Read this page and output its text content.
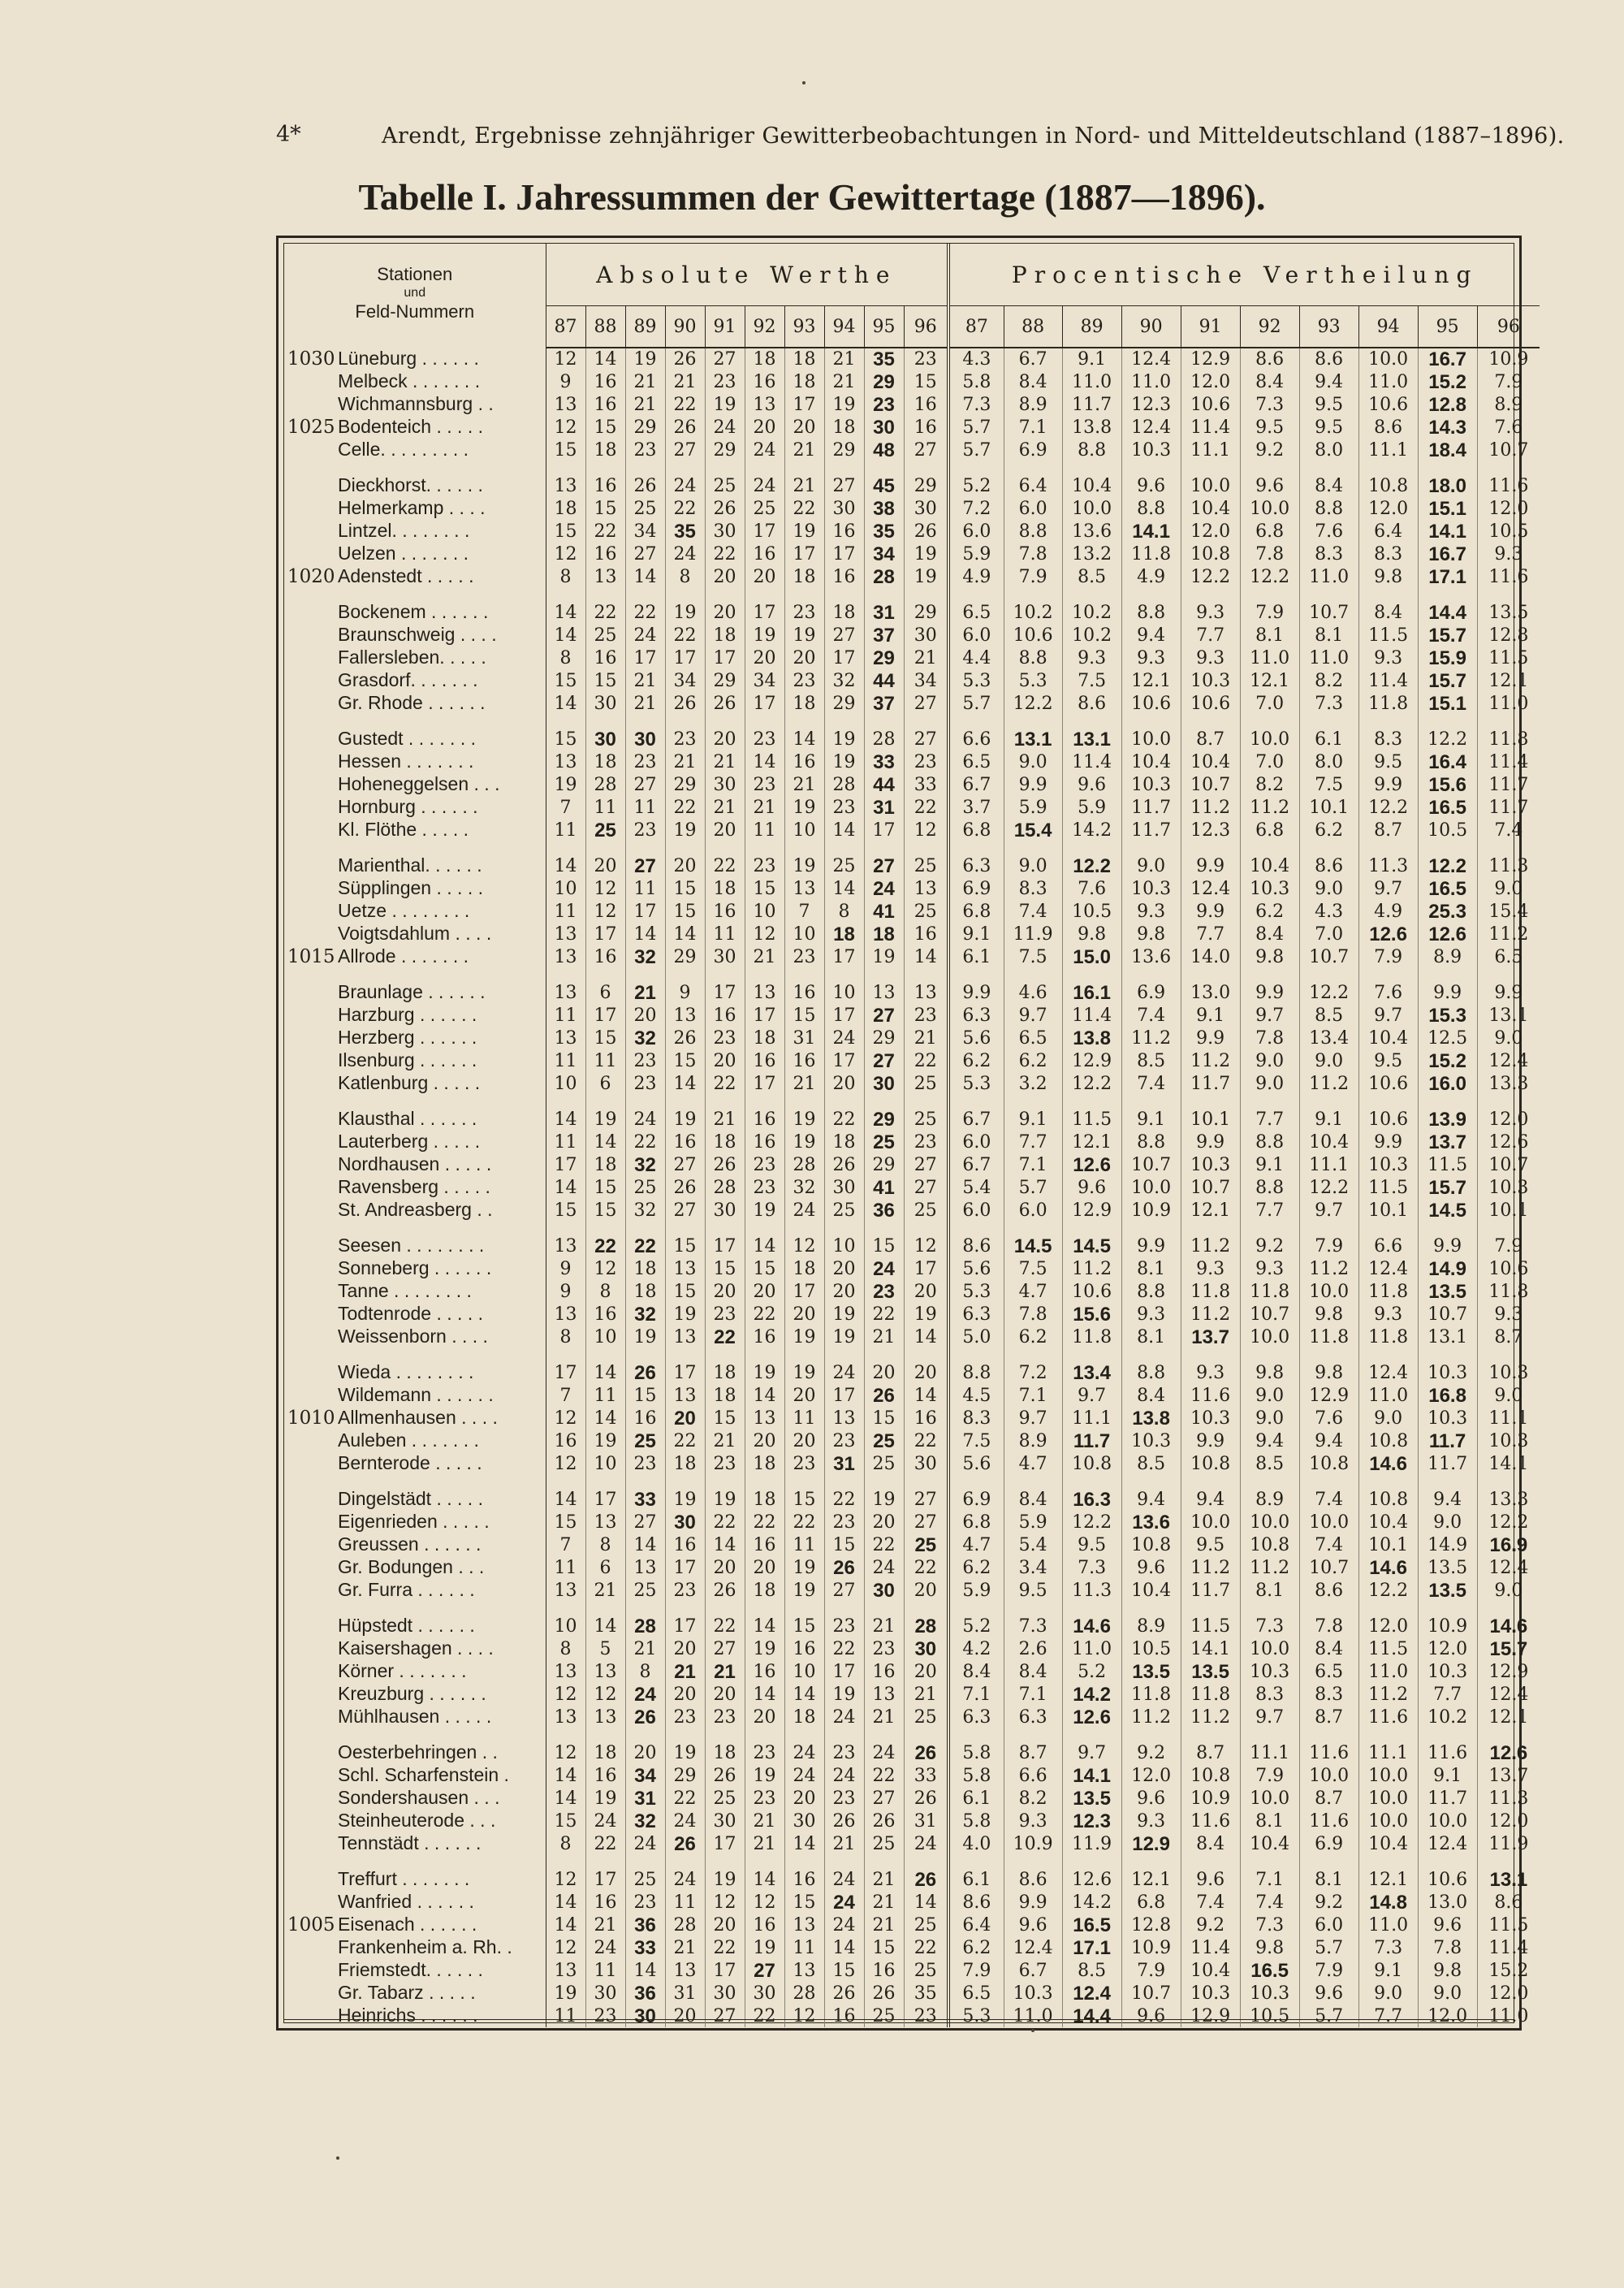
4*	Arendt, Ergebnisse zehnjähriger Gewitterbeobachtungen in Nord- und Mitteldeutschland (1887–1896).
Tabelle I. Jahressummen der Gewittertage (1887—1896).
Stationen
und
Feld-Nummern	Absolute Werthe										Procentische Vertheilung									
	87	88	89	90	91	92	93	94	95	96	87	88	89	90	91	92	93	94	95	96
1030 Lüneburg . . . . . .	12	14	19	26	27	18	18	21	35	23	4.3	6.7	9.1	12.4	12.9	8.6	8.6	10.0	16.7	10.9
Melbeck . . . . . . .	9	16	21	21	23	16	18	21	29	15	5.8	8.4	11.0	11.0	12.0	8.4	9.4	11.0	15.2	7.9
Wichmannsburg . .	13	16	21	22	19	13	17	19	23	16	7.3	8.9	11.7	12.3	10.6	7.3	9.5	10.6	12.8	8.9
1025 Bodenteich . . . . .	12	15	29	26	24	20	20	18	30	16	5.7	7.1	13.8	12.4	11.4	9.5	9.5	8.6	14.3	7.6
Celle. . . . . . . . .	15	18	23	27	29	24	21	29	48	27	5.7	6.9	8.8	10.3	11.1	9.2	8.0	11.1	18.4	10.7

Dieckhorst. . . . . .	13	16	26	24	25	24	21	27	45	29	5.2	6.4	10.4	9.6	10.0	9.6	8.4	10.8	18.0	11.6
Helmerkamp . . . .	18	15	25	22	26	25	22	30	38	30	7.2	6.0	10.0	8.8	10.4	10.0	8.8	12.0	15.1	12.0
Lintzel. . . . . . . .	15	22	34	35	30	17	19	16	35	26	6.0	8.8	13.6	14.1	12.0	6.8	7.6	6.4	14.1	10.5
Uelzen . . . . . . .	12	16	27	24	22	16	17	17	34	19	5.9	7.8	13.2	11.8	10.8	7.8	8.3	8.3	16.7	9.3
1020 Adenstedt . . . . .	8	13	14	8	20	20	18	16	28	19	4.9	7.9	8.5	4.9	12.2	12.2	11.0	9.8	17.1	11.6

Bockenem . . . . . .	14	22	22	19	20	17	23	18	31	29	6.5	10.2	10.2	8.8	9.3	7.9	10.7	8.4	14.4	13.5
Braunschweig . . . .	14	25	24	22	18	19	19	27	37	30	6.0	10.6	10.2	9.4	7.7	8.1	8.1	11.5	15.7	12.8
Fallersleben. . . . .	8	16	17	17	17	20	20	17	29	21	4.4	8.8	9.3	9.3	9.3	11.0	11.0	9.3	15.9	11.5
Grasdorf. . . . . . .	15	15	21	34	29	34	23	32	44	34	5.3	5.3	7.5	12.1	10.3	12.1	8.2	11.4	15.7	12.1
Gr. Rhode . . . . . .	14	30	21	26	26	17	18	29	37	27	5.7	12.2	8.6	10.6	10.6	7.0	7.3	11.8	15.1	11.0

Gustedt . . . . . . .	15	30	30	23	20	23	14	19	28	27	6.6	13.1	13.1	10.0	8.7	10.0	6.1	8.3	12.2	11.8
Hessen . . . . . . .	13	18	23	21	21	14	16	19	33	23	6.5	9.0	11.4	10.4	10.4	7.0	8.0	9.5	16.4	11.4
Hoheneggelsen . . .	19	28	27	29	30	23	21	28	44	33	6.7	9.9	9.6	10.3	10.7	8.2	7.5	9.9	15.6	11.7
Hornburg . . . . . .	7	11	11	22	21	21	19	23	31	22	3.7	5.9	5.9	11.7	11.2	11.2	10.1	12.2	16.5	11.7
Kl. Flöthe . . . . .	11	25	23	19	20	11	10	14	17	12	6.8	15.4	14.2	11.7	12.3	6.8	6.2	8.7	10.5	7.4

Marienthal. . . . . .	14	20	27	20	22	23	19	25	27	25	6.3	9.0	12.2	9.0	9.9	10.4	8.6	11.3	12.2	11.3
Süpplingen . . . . .	10	12	11	15	18	15	13	14	24	13	6.9	8.3	7.6	10.3	12.4	10.3	9.0	9.7	16.5	9.0
Uetze . . . . . . . .	11	12	17	15	16	10	7	8	41	25	6.8	7.4	10.5	9.3	9.9	6.2	4.3	4.9	25.3	15.4
Voigtsdahlum . . . .	13	17	14	14	11	12	10	18	18	16	9.1	11.9	9.8	9.8	7.7	8.4	7.0	12.6	12.6	11.2
1015 Allrode . . . . . . .	13	16	32	29	30	21	23	17	19	14	6.1	7.5	15.0	13.6	14.0	9.8	10.7	7.9	8.9	6.5

Braunlage . . . . . .	13	6	21	9	17	13	16	10	13	13	9.9	4.6	16.1	6.9	13.0	9.9	12.2	7.6	9.9	9.9
Harzburg . . . . . .	11	17	20	13	16	17	15	17	27	23	6.3	9.7	11.4	7.4	9.1	9.7	8.5	9.7	15.3	13.1
Herzberg . . . . . .	13	15	32	26	23	18	31	24	29	21	5.6	6.5	13.8	11.2	9.9	7.8	13.4	10.4	12.5	9.0
Ilsenburg . . . . . .	11	11	23	15	20	16	16	17	27	22	6.2	6.2	12.9	8.5	11.2	9.0	9.0	9.5	15.2	12.4
Katlenburg . . . . .	10	6	23	14	22	17	21	20	30	25	5.3	3.2	12.2	7.4	11.7	9.0	11.2	10.6	16.0	13.3

Klausthal . . . . . .	14	19	24	19	21	16	19	22	29	25	6.7	9.1	11.5	9.1	10.1	7.7	9.1	10.6	13.9	12.0
Lauterberg . . . . .	11	14	22	16	18	16	19	18	25	23	6.0	7.7	12.1	8.8	9.9	8.8	10.4	9.9	13.7	12.6
Nordhausen . . . . .	17	18	32	27	26	23	28	26	29	27	6.7	7.1	12.6	10.7	10.3	9.1	11.1	10.3	11.5	10.7
Ravensberg . . . . .	14	15	25	26	28	23	32	30	41	27	5.4	5.7	9.6	10.0	10.7	8.8	12.2	11.5	15.7	10.3
St. Andreasberg . .	15	15	32	27	30	19	24	25	36	25	6.0	6.0	12.9	10.9	12.1	7.7	9.7	10.1	14.5	10.1

Seesen . . . . . . . .	13	22	22	15	17	14	12	10	15	12	8.6	14.5	14.5	9.9	11.2	9.2	7.9	6.6	9.9	7.9
Sonneberg . . . . . .	9	12	18	13	15	15	18	20	24	17	5.6	7.5	11.2	8.1	9.3	9.3	11.2	12.4	14.9	10.6
Tanne . . . . . . . .	9	8	18	15	20	20	17	20	23	20	5.3	4.7	10.6	8.8	11.8	11.8	10.0	11.8	13.5	11.8
Todtenrode . . . . .	13	16	32	19	23	22	20	19	22	19	6.3	7.8	15.6	9.3	11.2	10.7	9.8	9.3	10.7	9.3
Weissenborn . . . .	8	10	19	13	22	16	19	19	21	14	5.0	6.2	11.8	8.1	13.7	10.0	11.8	11.8	13.1	8.7

Wieda . . . . . . . .	17	14	26	17	18	19	19	24	20	20	8.8	7.2	13.4	8.8	9.3	9.8	9.8	12.4	10.3	10.3
Wildemann . . . . . .	7	11	15	13	18	14	20	17	26	14	4.5	7.1	9.7	8.4	11.6	9.0	12.9	11.0	16.8	9.0
1010 Allmenhausen . . . .	12	14	16	20	15	13	11	13	15	16	8.3	9.7	11.1	13.8	10.3	9.0	7.6	9.0	10.3	11.1
Auleben . . . . . . .	16	19	25	22	21	20	20	23	25	22	7.5	8.9	11.7	10.3	9.9	9.4	9.4	10.8	11.7	10.3
Bernterode . . . . .	12	10	23	18	23	18	23	31	25	30	5.6	4.7	10.8	8.5	10.8	8.5	10.8	14.6	11.7	14.1

Dingelstädt . . . . .	14	17	33	19	19	18	15	22	19	27	6.9	8.4	16.3	9.4	9.4	8.9	7.4	10.8	9.4	13.3
Eigenrieden . . . . .	15	13	27	30	22	22	22	23	20	27	6.8	5.9	12.2	13.6	10.0	10.0	10.0	10.4	9.0	12.2
Greussen . . . . . .	7	8	14	16	14	16	11	15	22	25	4.7	5.4	9.5	10.8	9.5	10.8	7.4	10.1	14.9	16.9
Gr. Bodungen . . .	11	6	13	17	20	20	19	26	24	22	6.2	3.4	7.3	9.6	11.2	11.2	10.7	14.6	13.5	12.4
Gr. Furra . . . . . .	13	21	25	23	26	18	19	27	30	20	5.9	9.5	11.3	10.4	11.7	8.1	8.6	12.2	13.5	9.0

Hüpstedt . . . . . .	10	14	28	17	22	14	15	23	21	28	5.2	7.3	14.6	8.9	11.5	7.3	7.8	12.0	10.9	14.6
Kaisershagen . . . .	8	5	21	20	27	19	16	22	23	30	4.2	2.6	11.0	10.5	14.1	10.0	8.4	11.5	12.0	15.7
Körner . . . . . . .	13	13	8	21	21	16	10	17	16	20	8.4	8.4	5.2	13.5	13.5	10.3	6.5	11.0	10.3	12.9
Kreuzburg . . . . . .	12	12	24	20	20	14	14	19	13	21	7.1	7.1	14.2	11.8	11.8	8.3	8.3	11.2	7.7	12.4
Mühlhausen . . . . .	13	13	26	23	23	20	18	24	21	25	6.3	6.3	12.6	11.2	11.2	9.7	8.7	11.6	10.2	12.1

Oesterbehringen . .	12	18	20	19	18	23	24	23	24	26	5.8	8.7	9.7	9.2	8.7	11.1	11.6	11.1	11.6	12.6
Schl. Scharfenstein .	14	16	34	29	26	19	24	24	22	33	5.8	6.6	14.1	12.0	10.8	7.9	10.0	10.0	9.1	13.7
Sondershausen . . .	14	19	31	22	25	23	20	23	27	26	6.1	8.2	13.5	9.6	10.9	10.0	8.7	10.0	11.7	11.3
Steinheuterode . . .	15	24	32	24	30	21	30	26	26	31	5.8	9.3	12.3	9.3	11.6	8.1	11.6	10.0	10.0	12.0
Tennstädt . . . . . .	8	22	24	26	17	21	14	21	25	24	4.0	10.9	11.9	12.9	8.4	10.4	6.9	10.4	12.4	11.9

Treffurt . . . . . . .	12	17	25	24	19	14	16	24	21	26	6.1	8.6	12.6	12.1	9.6	7.1	8.1	12.1	10.6	13.1
Wanfried . . . . . .	14	16	23	11	12	12	15	24	21	14	8.6	9.9	14.2	6.8	7.4	7.4	9.2	14.8	13.0	8.6
1005 Eisenach . . . . . .	14	21	36	28	20	16	13	24	21	25	6.4	9.6	16.5	12.8	9.2	7.3	6.0	11.0	9.6	11.5
Frankenheim a. Rh. .	12	24	33	21	22	19	11	14	15	22	6.2	12.4	17.1	10.9	11.4	9.8	5.7	7.3	7.8	11.4
Friemstedt. . . . . .	13	11	14	13	17	27	13	15	16	25	7.9	6.7	8.5	7.9	10.4	16.5	7.9	9.1	9.8	15.2
Gr. Tabarz . . . . .	19	30	36	31	30	30	28	26	26	35	6.5	10.3	12.4	10.7	10.3	10.3	9.6	9.0	9.0	12.0
Heinrichs . . . . . .	11	23	30	20	27	22	12	16	25	23	5.3	11.0	14.4	9.6	12.9	10.5	5.7	7.7	12.0	11.0
